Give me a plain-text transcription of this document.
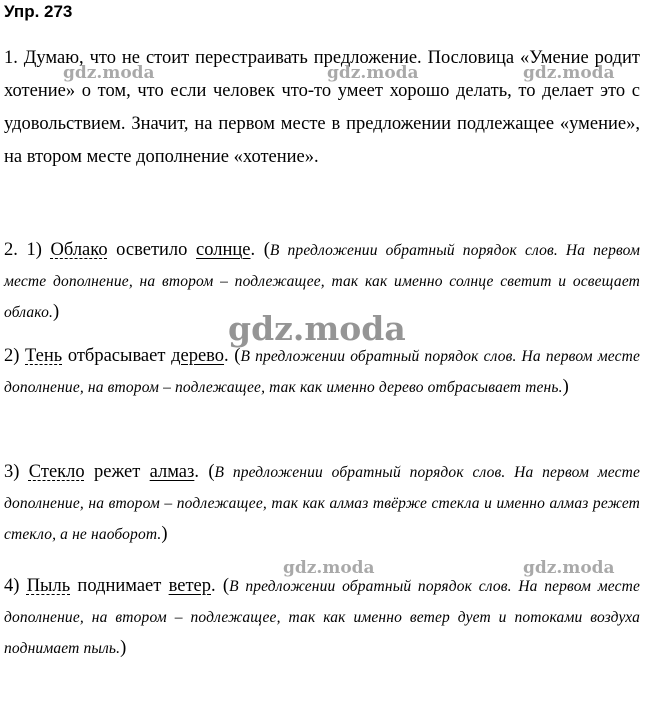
Упр. 273

1. Думаю, что не стоит перестраивать предложение. Пословица «Умение родит хотение» о том, что если человек что-то умеет хорошо делать, то делает это с удовольствием. Значит, на первом месте в предложении подлежащее «умение», на втором месте дополнение «хотение».

2. 1) Облако осветило солнце. (В предложении обратный порядок слов. На первом месте дополнение, на втором – подлежащее, так как именно солнце светит и освещает облако.)

2) Тень отбрасывает дерево. (В предложении обратный порядок слов. На первом месте дополнение, на втором – подлежащее, так как именно дерево отбрасывает тень.)

3) Стекло режет алмаз. (В предложении обратный порядок слов. На первом месте дополнение, на втором – подлежащее, так как алмаз твёрже стекла и именно алмаз режет стекло, а не наоборот.)

4) Пыль поднимает ветер. (В предложении обратный порядок слов. На первом месте дополнение, на втором – подлежащее, так как именно ветер дует и потоками воздуха поднимает пыль.)

gdz.moda	gdz.moda	gdz.moda
gdz.moda
gdz.moda	gdz.moda
